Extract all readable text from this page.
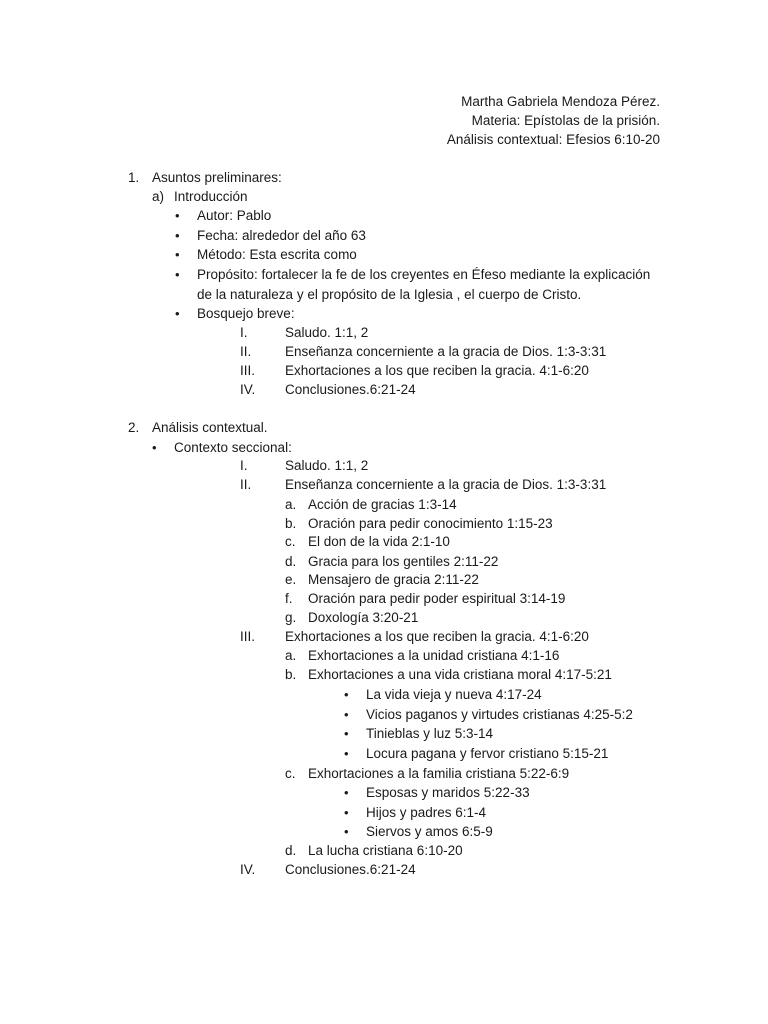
Martha Gabriela Mendoza Pérez.
Materia: Epístolas de la prisión.
Análisis contextual: Efesios 6:10-20
1. Asuntos preliminares:
a) Introducción
• Autor: Pablo
• Fecha: alrededor del año 63
• Método: Esta escrita como
• Propósito: fortalecer la fe de los creyentes en Éfeso mediante la explicación
de la naturaleza y el propósito de la Iglesia , el cuerpo de Cristo.
• Bosquejo breve:
I.	Saludo. 1:1, 2
II. Enseñanza concerniente a la gracia de Dios. 1:3-3:31
III. Exhortaciones a los que reciben la gracia. 4:1-6:20
IV. Conclusiones.6:21-24
2. Análisis contextual.
• Contexto seccional:
I.	Saludo. 1:1, 2
II. Enseñanza concerniente a la gracia de Dios. 1:3-3:31
a. Acción de gracias 1:3-14
b. Oración para pedir conocimiento 1:15-23
c. El don de la vida 2:1-10
d. Gracia para los gentiles 2:11-22
e. Mensajero de gracia 2:11-22
f. Oración para pedir poder espiritual 3:14-19
g. Doxología 3:20-21
III. Exhortaciones a los que reciben la gracia. 4:1-6:20
a. Exhortaciones a la unidad cristiana 4:1-16
b. Exhortaciones a una vida cristiana moral 4:17-5:21
• La vida vieja y nueva 4:17-24
• Vicios paganos y virtudes cristianas 4:25-5:2
• Tinieblas y luz 5:3-14
• Locura pagana y fervor cristiano 5:15-21
c. Exhortaciones a la familia cristiana 5:22-6:9
• Esposas y maridos 5:22-33
• Hijos y padres 6:1-4
• Siervos y amos 6:5-9
d. La lucha cristiana 6:10-20
IV. Conclusiones.6:21-24
